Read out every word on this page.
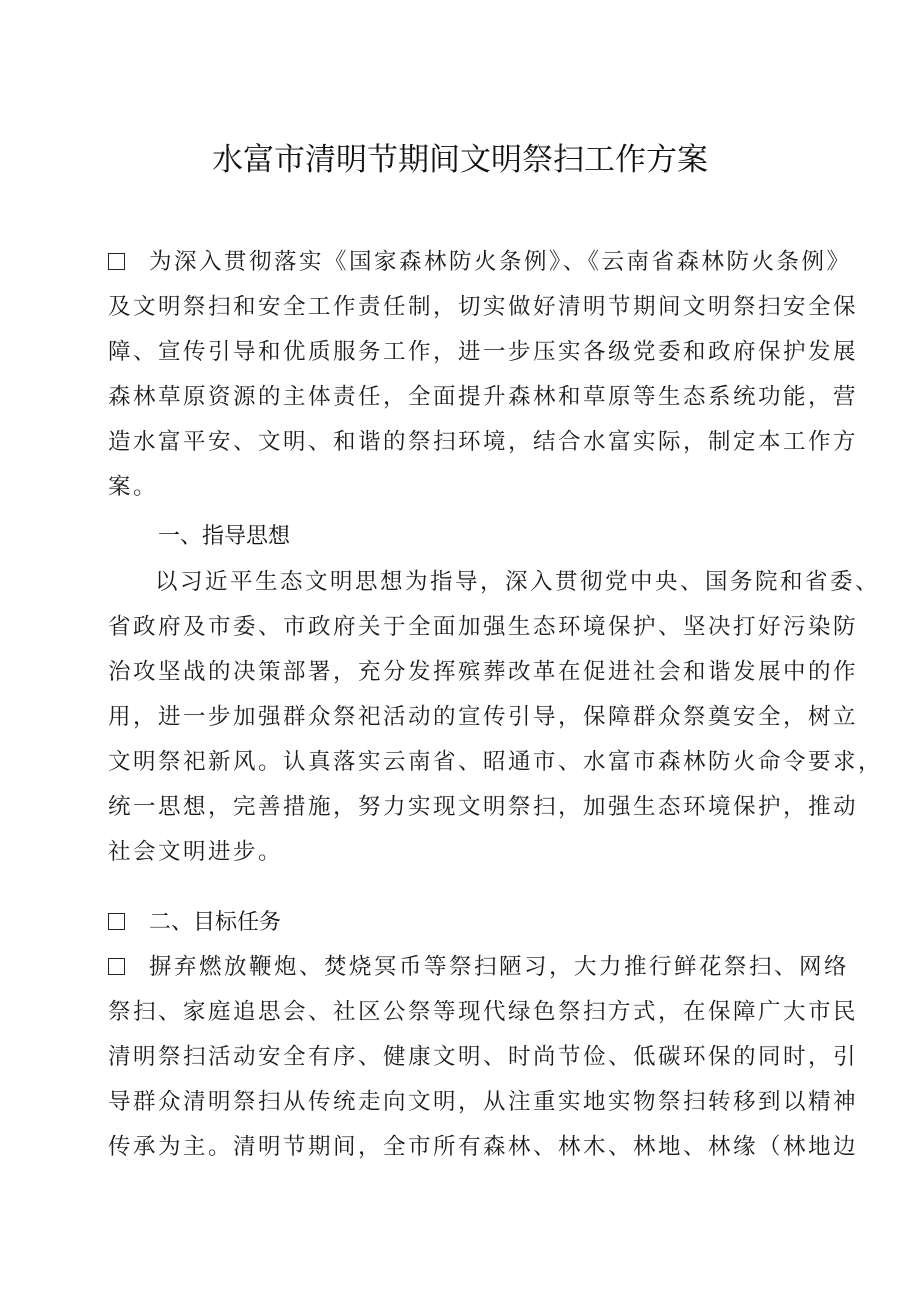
水富市清明节期间文明祭扫工作方案
为深入贯彻落实《国家森林防火条例》、《云南省森林防火条例》
及文明祭扫和安全工作责任制，切实做好清明节期间文明祭扫安全保
障、宣传引导和优质服务工作，进一步压实各级党委和政府保护发展
森林草原资源的主体责任，全面提升森林和草原等生态系统功能，营
造水富平安、文明、和谐的祭扫环境，结合水富实际，制定本工作方
案。
一、指导思想
以习近平生态文明思想为指导，深入贯彻党中央、国务院和省委、
省政府及市委、市政府关于全面加强生态环境保护、坚决打好污染防
治攻坚战的决策部署，充分发挥殡葬改革在促进社会和谐发展中的作
用，进一步加强群众祭祀活动的宣传引导，保障群众祭奠安全，树立
文明祭祀新风。认真落实云南省、昭通市、水富市森林防火命令要求，
统一思想，完善措施，努力实现文明祭扫，加强生态环境保护，推动
社会文明进步。
二、目标任务
摒弃燃放鞭炮、焚烧冥币等祭扫陋习，大力推行鲜花祭扫、网络
祭扫、家庭追思会、社区公祭等现代绿色祭扫方式，在保障广大市民
清明祭扫活动安全有序、健康文明、时尚节俭、低碳环保的同时，引
导群众清明祭扫从传统走向文明，从注重实地实物祭扫转移到以精神
传承为主。清明节期间，全市所有森林、林木、林地、林缘（林地边
